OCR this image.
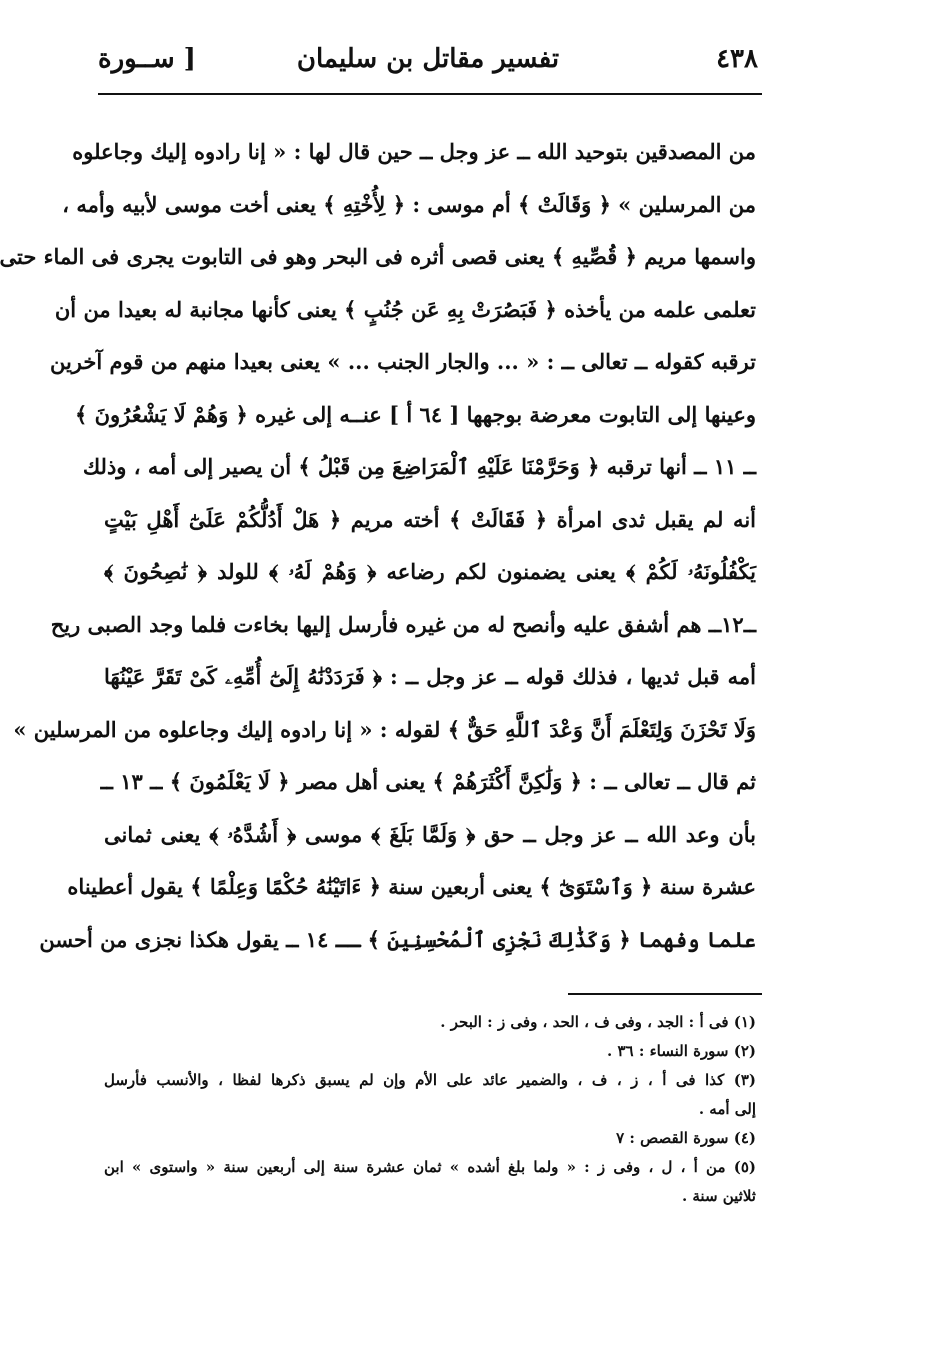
٤٣٨
تفسير مقاتل بن سليمان
[ ســورة
من المصدقين بتوحيد الله ــ عز وجل ــ حين قال لها : « إنا رادوه إليك وجاعلوه
من المرسلين » ﴿ وَقَالَتْ ﴾ أم موسى : ﴿ لِأُخْتِهِ ﴾ يعنى أخت موسى لأبيه وأمه ،
واسمها مريم ﴿ قُصِّيهِ ﴾ يعنى قصى أثره فى البحر وهو فى التابوت يجرى فى الماء حتى
تعلمى علمه من يأخذه ﴿ فَبَصُرَتْ بِهِ عَن جُنُبٍ ﴾ يعنى كأنها مجانبة له بعيدا من أن
ترقبه كقوله ــ تعالى ــ : « ... والجار الجنب ... » يعنى بعيدا منهم من قوم آخرين
وعينها إلى التابوت معرضة بوجهها [ ٦٤ أ ] عنــه إلى غيره ﴿ وَهُمْ لَا يَشْعُرُونَ ﴾
ــ ١١ ــ أنها ترقبه ﴿ وَحَرَّمْنَا عَلَيْهِ ٱلْمَرَاضِعَ مِن قَبْلُ ﴾ أن يصير إلى أمه ، وذلك
أنه لم يقبل ثدى امرأة ﴿ فَقَالَتْ ﴾ أخته مريم ﴿ هَلْ أَدُلُّكُمْ عَلَىٰٓ أَهْلِ بَيْتٍ
يَكْفُلُونَهُۥ لَكُمْ ﴾ يعنى يضمنون لكم رضاعه ﴿ وَهُمْ لَهُۥ ﴾ للولد ﴿ نَٰصِحُونَ ﴾
ــ١٢ــ هم أشفق عليه وأنصح له من غيره فأرسل إليها بخاءت فلما وجد الصبى ريح
أمه قبل ثديها ، فذلك قوله ــ عز وجل ــ : ﴿ فَرَدَدْنَٰهُ إِلَىٰٓ أُمِّهِۦ كَىْ تَقَرَّ عَيْنُهَا
وَلَا تَحْزَنَ وَلِتَعْلَمَ أَنَّ وَعْدَ ٱللَّهِ حَقٌّ ﴾ لقوله : « إنا رادوه إليك وجاعلوه من المرسلين »
ثم قال ــ تعالى ــ : ﴿ وَلَٰكِنَّ أَكْثَرَهُمْ ﴾ يعنى أهل مصر ﴿ لَا يَعْلَمُونَ ﴾ ــ ١٣ ــ
بأن وعد الله ــ عز وجل ــ حق ﴿ وَلَمَّا بَلَغَ ﴾ موسى ﴿ أَشُدَّهُۥ ﴾ يعنى ثمانى
عشرة سنة ﴿ وَٱسْتَوَىٰٓ ﴾ يعنى أربعين سنة ﴿ ءَاتَيْنَٰهُ حُكْمًا وَعِلْمًا ﴾ يقول أعطيناه
علما وفهما ﴿ وَكَذَٰلِكَ نَجْزِى ٱلْمُحْسِنِينَ ﴾ ــ ١٤ ــ يقول هكذا نجزى من أحسن
(١) فى أ : الجد ، وفى ف ، الحد ، وفى ز : البحر .
(٢) سورة النساء : ٣٦ .
(٣) كذا فى أ ، ز ، ف ، والضمير عائد على الأم وإن لم يسبق ذكرها لفظا ، والأنسب فأرسل
إلى أمه .
(٤) سورة القصص : ٧
(٥) من أ ، ل ، وفى ز : « ولما بلغ أشده » ثمان عشرة سنة إلى أربعين سنة « واستوى » ابن
ثلاثين سنة .
